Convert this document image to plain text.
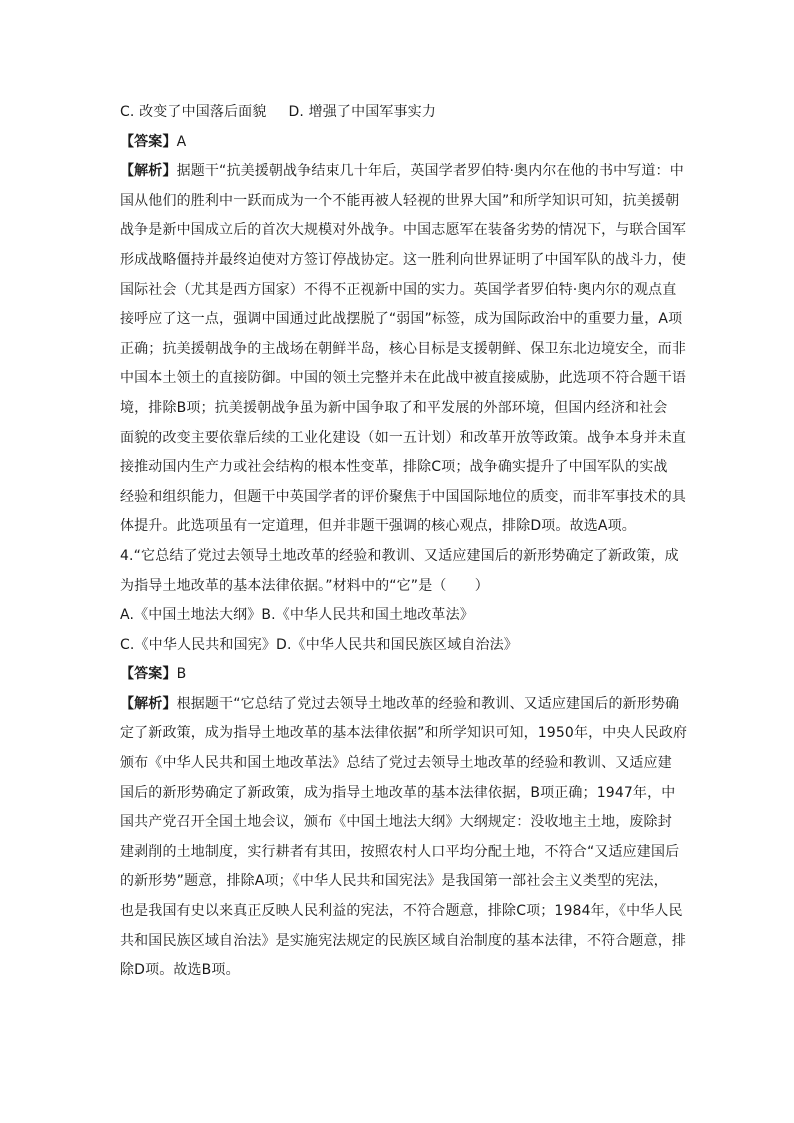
C. 改变了中国落后面貌 D. 增强了中国军事实力
【答案】A
【解析】据题干“抗美援朝战争结束几十年后，英国学者罗伯特·奥内尔在他的书中写道：中
国从他们的胜利中一跃而成为一个不能再被人轻视的世界大国”和所学知识可知，抗美援朝
战争是新中国成立后的首次大规模对外战争。中国志愿军在装备劣势的情况下，与联合国军
形成战略僵持并最终迫使对方签订停战协定。这一胜利向世界证明了中国军队的战斗力，使
国际社会（尤其是西方国家）不得不正视新中国的实力。英国学者罗伯特·奥内尔的观点直
接呼应了这一点，强调中国通过此战摆脱了“弱国”标签，成为国际政治中的重要力量，A项
正确；抗美援朝战争的主战场在朝鲜半岛，核心目标是支援朝鲜、保卫东北边境安全，而非
中国本土领土的直接防御。中国的领土完整并未在此战中被直接威胁，此选项不符合题干语
境，排除B项；抗美援朝战争虽为新中国争取了和平发展的外部环境，但国内经济和社会
面貌的改变主要依靠后续的工业化建设（如一五计划）和改革开放等政策。战争本身并未直
接推动国内生产力或社会结构的根本性变革，排除C项；战争确实提升了中国军队的实战
经验和组织能力，但题干中英国学者的评价聚焦于中国国际地位的质变，而非军事技术的具
体提升。此选项虽有一定道理，但并非题干强调的核心观点，排除D项。故选A项。
4.“它总结了党过去领导土地改革的经验和教训、又适应建国后的新形势确定了新政策，成
为指导土地改革的基本法律依据。”材料中的“它”是（　　）
A.《中国土地法大纲》B.《中华人民共和国土地改革法》
C.《中华人民共和国宪》D.《中华人民共和国民族区域自治法》
【答案】B
【解析】根据题干“它总结了党过去领导土地改革的经验和教训、又适应建国后的新形势确
定了新政策，成为指导土地改革的基本法律依据”和所学知识可知，1950年，中央人民政府
颁布《中华人民共和国土地改革法》总结了党过去领导土地改革的经验和教训、又适应建
国后的新形势确定了新政策，成为指导土地改革的基本法律依据，B项正确；1947年，中
国共产党召开全国土地会议，颁布《中国土地法大纲》大纲规定：没收地主土地，废除封
建剥削的土地制度，实行耕者有其田，按照农村人口平均分配土地，不符合“又适应建国后
的新形势”题意，排除A项；《中华人民共和国宪法》是我国第一部社会主义类型的宪法，
也是我国有史以来真正反映人民利益的宪法，不符合题意，排除C项；1984年，《中华人民
共和国民族区域自治法》是实施宪法规定的民族区域自治制度的基本法律，不符合题意，排
除D项。故选B项。
